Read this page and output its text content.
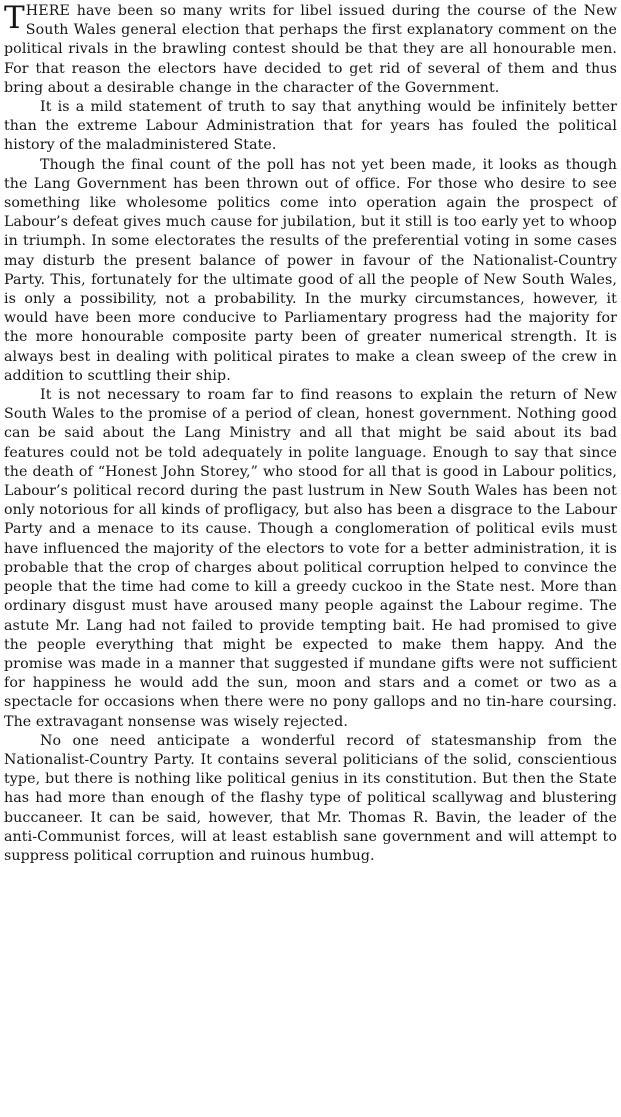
THERE have been so many writs for libel issued during the course of the New South Wales general election that perhaps the first explanatory comment on the political rivals in the brawling contest should be that they are all honourable men. For that reason the electors have decided to get rid of several of them and thus bring about a desirable change in the character of the Government.

It is a mild statement of truth to say that anything would be infinitely better than the extreme Labour Administration that for years has fouled the political history of the maladministered State.

Though the final count of the poll has not yet been made, it looks as though the Lang Government has been thrown out of office. For those who desire to see something like wholesome politics come into operation again the prospect of Labour’s defeat gives much cause for jubilation, but it still is too early yet to whoop in triumph. In some electorates the results of the preferential voting in some cases may disturb the present balance of power in favour of the Nationalist-Country Party. This, fortunately for the ultimate good of all the people of New South Wales, is only a possibility, not a probability. In the murky circumstances, however, it would have been more conducive to Parliamentary progress had the majority for the more honourable composite party been of greater numerical strength. It is always best in dealing with political pirates to make a clean sweep of the crew in addition to scuttling their ship.

It is not necessary to roam far to find reasons to explain the return of New South Wales to the promise of a period of clean, honest government. Nothing good can be said about the Lang Ministry and all that might be said about its bad features could not be told adequately in polite language. Enough to say that since the death of “Honest John Storey,” who stood for all that is good in Labour politics, Labour’s political record during the past lustrum in New South Wales has been not only notorious for all kinds of profligacy, but also has been a disgrace to the Labour Party and a menace to its cause. Though a conglomeration of political evils must have influenced the majority of the electors to vote for a better administration, it is probable that the crop of charges about political corruption helped to convince the people that the time had come to kill a greedy cuckoo in the State nest. More than ordinary disgust must have aroused many people against the Labour regime. The astute Mr. Lang had not failed to provide tempting bait. He had promised to give the people everything that might be expected to make them happy. And the promise was made in a manner that suggested if mundane gifts were not sufficient for happiness he would add the sun, moon and stars and a comet or two as a spectacle for occasions when there were no pony gallops and no tin-hare coursing. The extravagant nonsense was wisely rejected.

No one need anticipate a wonderful record of statesmanship from the Nationalist-Country Party. It contains several politicians of the solid, conscientious type, but there is nothing like political genius in its constitution. But then the State has had more than enough of the flashy type of political scallywag and blustering buccaneer. It can be said, however, that Mr. Thomas R. Bavin, the leader of the anti-Communist forces, will at least establish sane government and will attempt to suppress political corruption and ruinous humbug.
